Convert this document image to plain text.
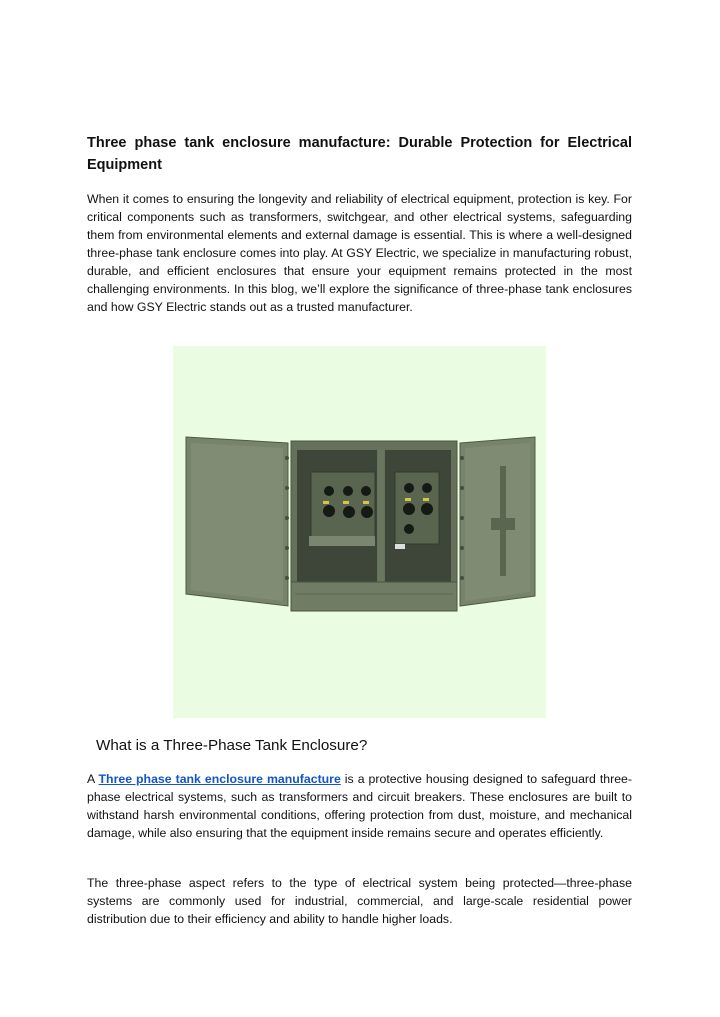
Three phase tank enclosure manufacture: Durable Protection for Electrical Equipment

When it comes to ensuring the longevity and reliability of electrical equipment, protection is key. For critical components such as transformers, switchgear, and other electrical systems, safeguarding them from environmental elements and external damage is essential. This is where a well-designed three-phase tank enclosure comes into play. At GSY Electric, we specialize in manufacturing robust, durable, and efficient enclosures that ensure your equipment remains protected in the most challenging environments. In this blog, we’ll explore the significance of three-phase tank enclosures and how GSY Electric stands out as a trusted manufacturer.

What is a Three-Phase Tank Enclosure?

A Three phase tank enclosure manufacture is a protective housing designed to safeguard three-phase electrical systems, such as transformers and circuit breakers. These enclosures are built to withstand harsh environmental conditions, offering protection from dust, moisture, and mechanical damage, while also ensuring that the equipment inside remains secure and operates efficiently.

The three-phase aspect refers to the type of electrical system being protected—three-phase systems are commonly used for industrial, commercial, and large-scale residential power distribution due to their efficiency and ability to handle higher loads.
